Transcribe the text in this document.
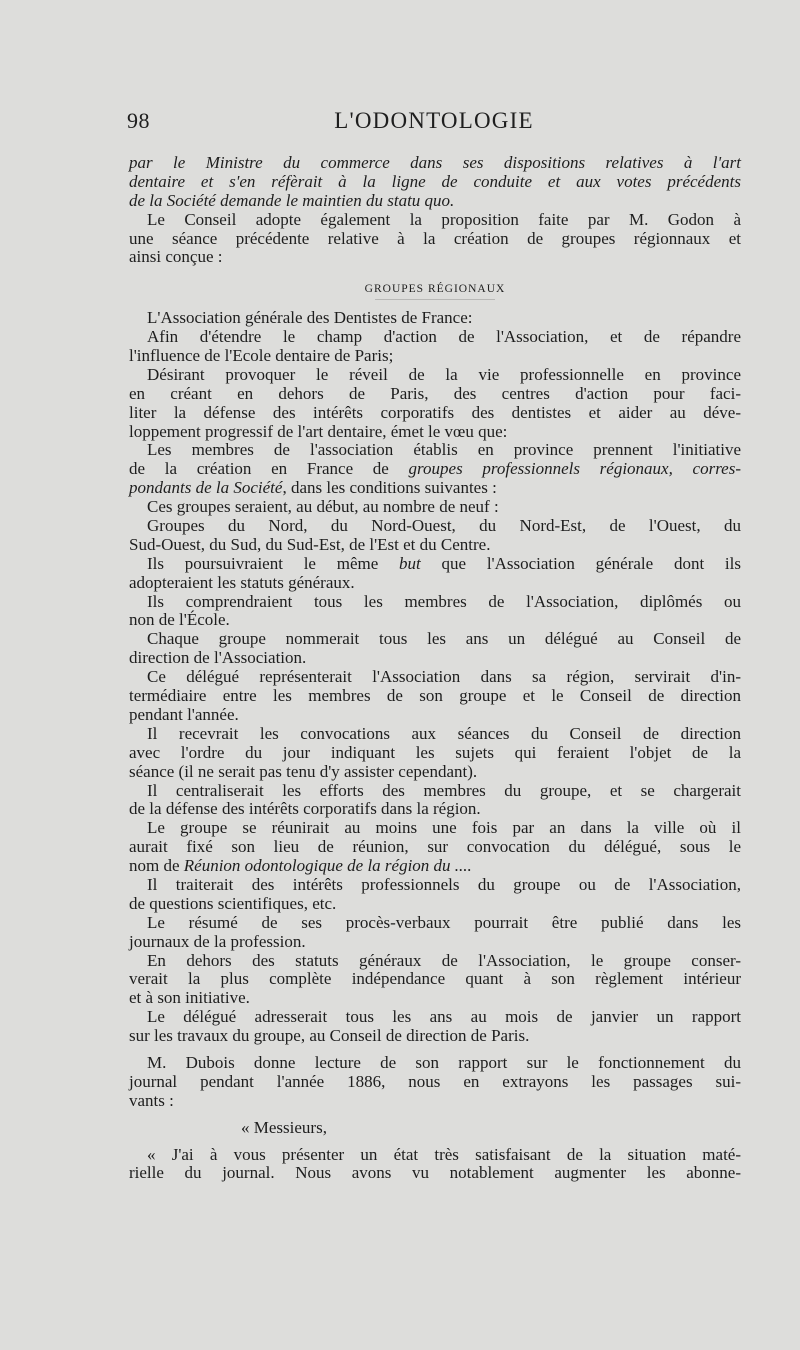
98	L'ODONTOLOGIE
par le Ministre du commerce dans ses dispositions relatives à l'art
dentaire et s'en réfèrait à la ligne de conduite et aux votes précédents
de la Société demande le maintien du statu quo.
Le Conseil adopte également la proposition faite par M. Godon à
une séance précédente relative à la création de groupes régionnaux et
ainsi conçue :
GROUPES RÉGIONAUX
L'Association générale des Dentistes de France:
Afin d'étendre le champ d'action de l'Association, et de répandre
l'influence de l'Ecole dentaire de Paris;
Désirant provoquer le réveil de la vie professionnelle en province
en créant en dehors de Paris, des centres d'action pour faci-
liter la défense des intérêts corporatifs des dentistes et aider au déve-
loppement progressif de l'art dentaire, émet le vœu que:
Les membres de l'association établis en province prennent l'initiative
de la création en France de groupes professionnels régionaux, corres-
pondants de la Société, dans les conditions suivantes :
Ces groupes seraient, au début, au nombre de neuf :
Groupes du Nord, du Nord-Ouest, du Nord-Est, de l'Ouest, du
Sud-Ouest, du Sud, du Sud-Est, de l'Est et du Centre.
Ils poursuivraient le même but que l'Association générale dont ils
adopteraient les statuts généraux.
Ils comprendraient tous les membres de l'Association, diplômés ou
non de l'École.
Chaque groupe nommerait tous les ans un délégué au Conseil de
direction de l'Association.
Ce délégué représenterait l'Association dans sa région, servirait d'in-
termédiaire entre les membres de son groupe et le Conseil de direction
pendant l'année.
Il recevrait les convocations aux séances du Conseil de direction
avec l'ordre du jour indiquant les sujets qui feraient l'objet de la
séance (il ne serait pas tenu d'y assister cependant).
Il centraliserait les efforts des membres du groupe, et se chargerait
de la défense des intérêts corporatifs dans la région.
Le groupe se réunirait au moins une fois par an dans la ville où il
aurait fixé son lieu de réunion, sur convocation du délégué, sous le
nom de Réunion odontologique de la région du ....
Il traiterait des intérêts professionnels du groupe ou de l'Association,
de questions scientifiques, etc.
Le résumé de ses procès-verbaux pourrait être publié dans les
journaux de la profession.
En dehors des statuts généraux de l'Association, le groupe conser-
verait la plus complète indépendance quant à son règlement intérieur
et à son initiative.
Le délégué adresserait tous les ans au mois de janvier un rapport
sur les travaux du groupe, au Conseil de direction de Paris.
M. Dubois donne lecture de son rapport sur le fonctionnement du
journal pendant l'année 1886, nous en extrayons les passages sui-
vants :
« Messieurs,
« J'ai à vous présenter un état très satisfaisant de la situation maté-
rielle du journal. Nous avons vu notablement augmenter les abonne-
